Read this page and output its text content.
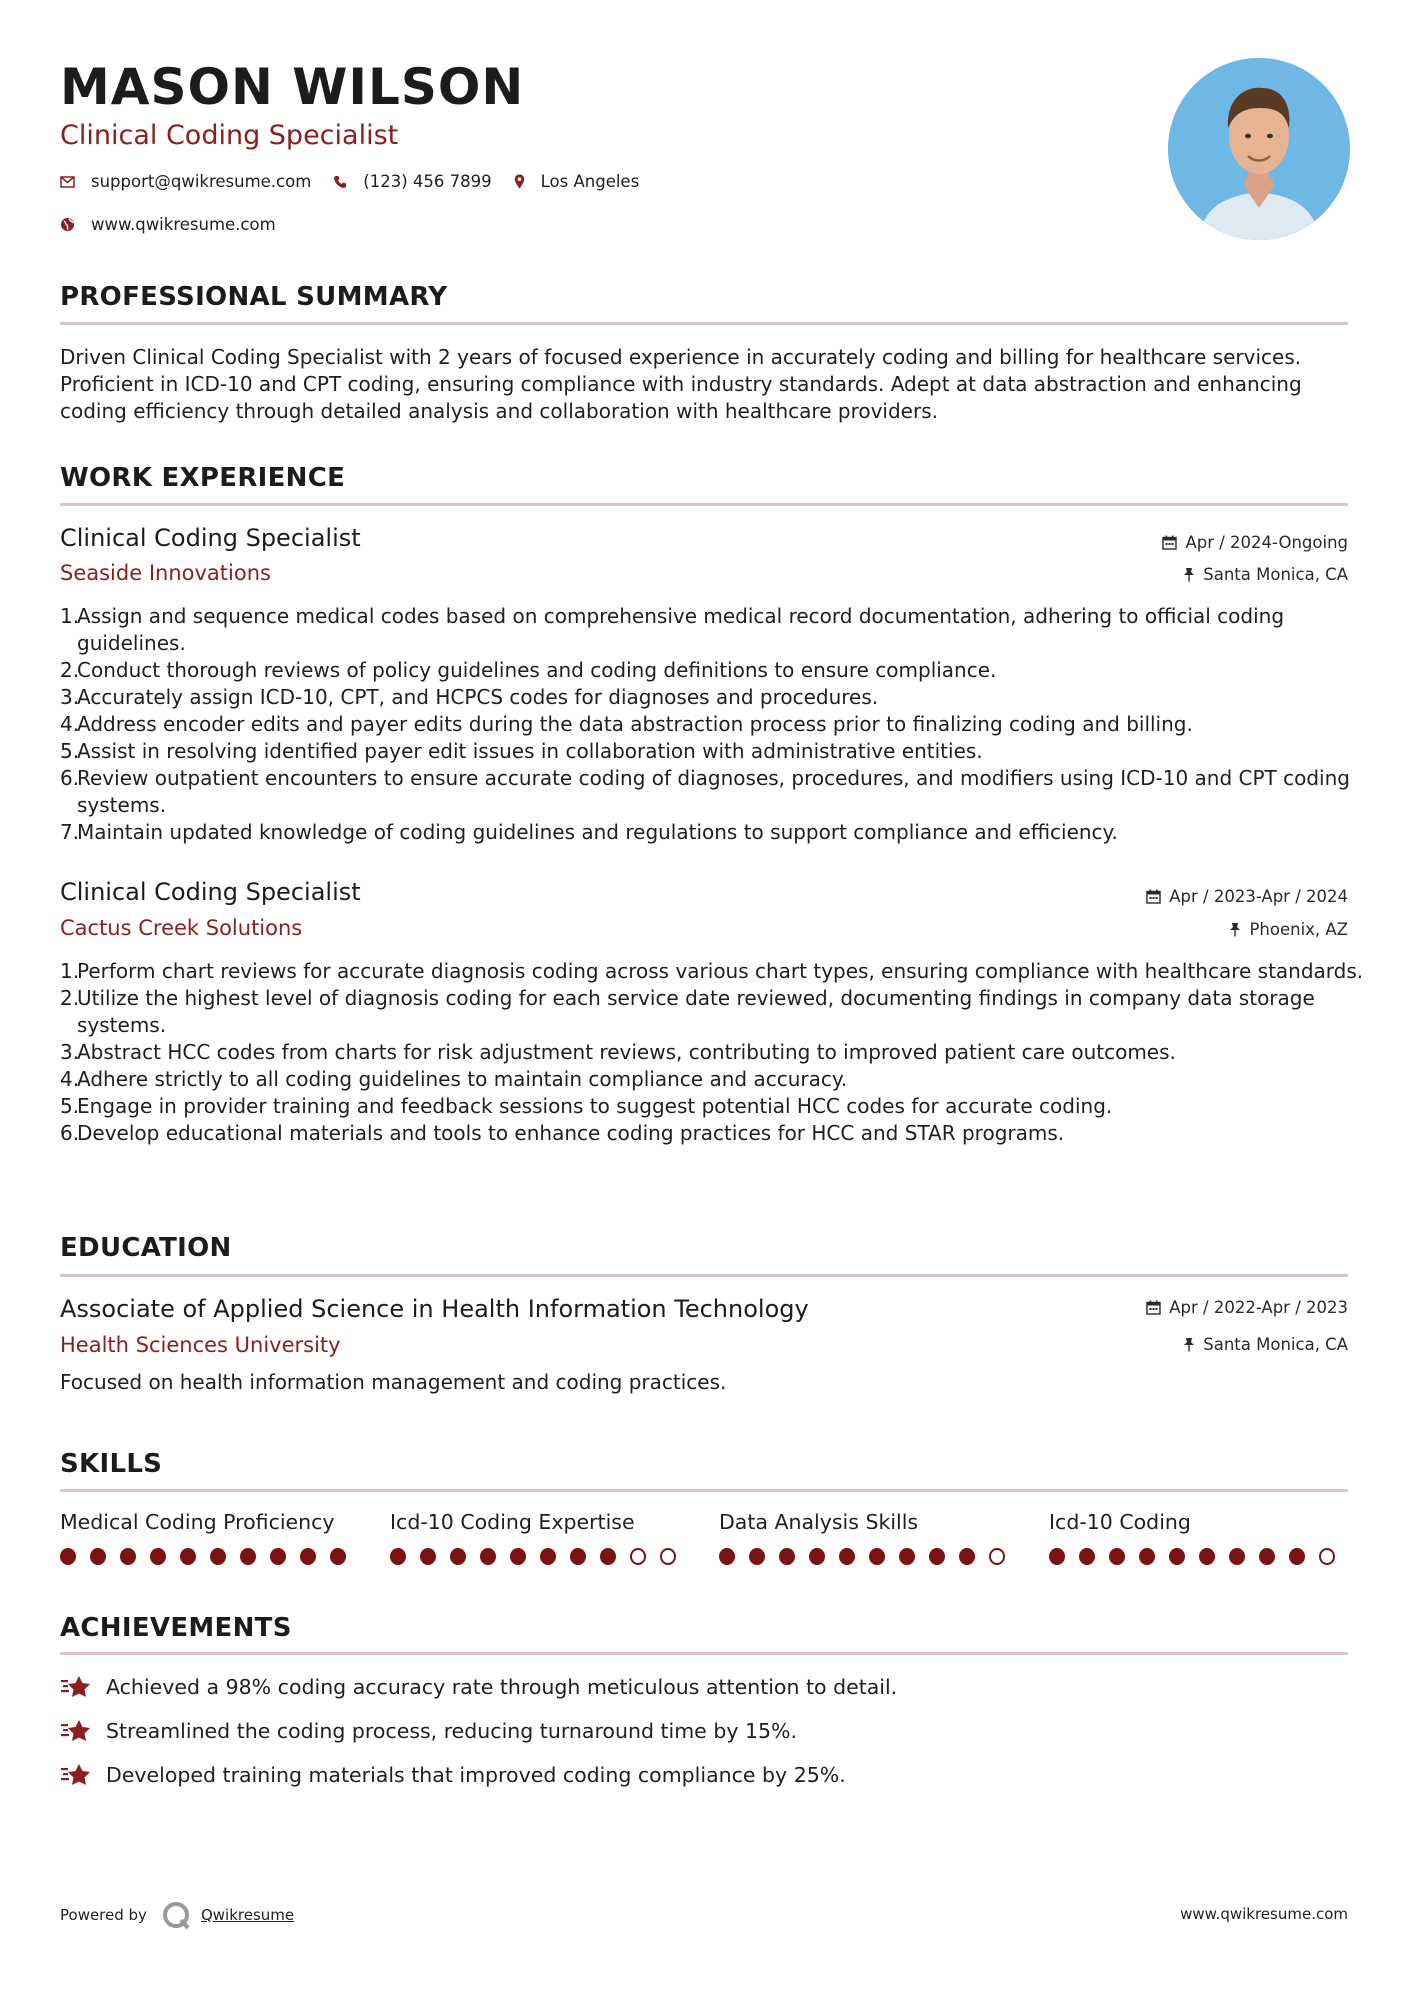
MASON WILSON
Clinical Coding Specialist
support@qwikresume.com	(123) 456 7899	Los Angeles
www.qwikresume.com
PROFESSIONAL SUMMARY
Driven Clinical Coding Specialist with 2 years of focused experience in accurately coding and billing for healthcare services. Proficient in ICD-10 and CPT coding, ensuring compliance with industry standards. Adept at data abstraction and enhancing coding efficiency through detailed analysis and collaboration with healthcare providers.
WORK EXPERIENCE
Clinical Coding Specialist	Apr / 2024-Ongoing
Seaside Innovations	Santa Monica, CA
Assign and sequence medical codes based on comprehensive medical record documentation, adhering to official coding guidelines.
Conduct thorough reviews of policy guidelines and coding definitions to ensure compliance.
Accurately assign ICD-10, CPT, and HCPCS codes for diagnoses and procedures.
Address encoder edits and payer edits during the data abstraction process prior to finalizing coding and billing.
Assist in resolving identified payer edit issues in collaboration with administrative entities.
Review outpatient encounters to ensure accurate coding of diagnoses, procedures, and modifiers using ICD-10 and CPT coding systems.
Maintain updated knowledge of coding guidelines and regulations to support compliance and efficiency.
Clinical Coding Specialist	Apr / 2023-Apr / 2024
Cactus Creek Solutions	Phoenix, AZ
Perform chart reviews for accurate diagnosis coding across various chart types, ensuring compliance with healthcare standards.
Utilize the highest level of diagnosis coding for each service date reviewed, documenting findings in company data storage systems.
Abstract HCC codes from charts for risk adjustment reviews, contributing to improved patient care outcomes.
Adhere strictly to all coding guidelines to maintain compliance and accuracy.
Engage in provider training and feedback sessions to suggest potential HCC codes for accurate coding.
Develop educational materials and tools to enhance coding practices for HCC and STAR programs.
EDUCATION
Associate of Applied Science in Health Information Technology	Apr / 2022-Apr / 2023
Health Sciences University	Santa Monica, CA
Focused on health information management and coding practices.
SKILLS
Medical Coding Proficiency	Icd-10 Coding Expertise	Data Analysis Skills	Icd-10 Coding
ACHIEVEMENTS
Achieved a 98% coding accuracy rate through meticulous attention to detail.
Streamlined the coding process, reducing turnaround time by 15%.
Developed training materials that improved coding compliance by 25%.
Powered by	Qwikresume	www.qwikresume.com
